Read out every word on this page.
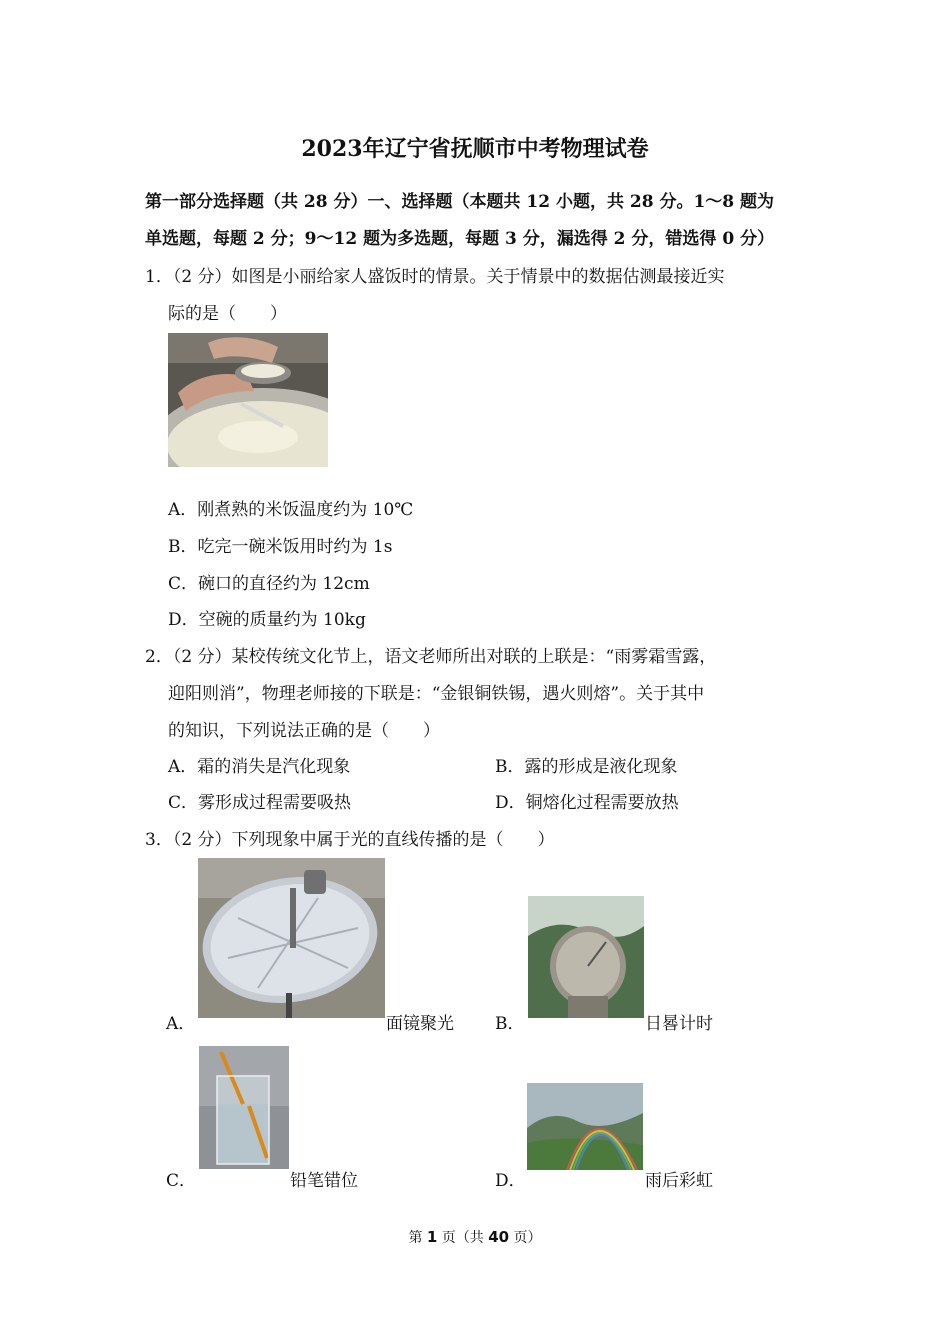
2023年辽宁省抚顺市中考物理试卷
第一部分选择题（共 28 分）一、选择题（本题共 12 小题，共 28 分。1～8 题为
单选题，每题 2 分；9～12 题为多选题，每题 3 分，漏选得 2 分，错选得 0 分）
1．（2 分）如图是小丽给家人盛饭时的情景。关于情景中的数据估测最接近实
际的是（　　）
A．刚煮熟的米饭温度约为 10℃
B．吃完一碗米饭用时约为 1s
C．碗口的直径约为 12cm
D．空碗的质量约为 10kg
2．（2 分）某校传统文化节上，语文老师所出对联的上联是：“雨雾霜雪露，
迎阳则消”，物理老师接的下联是：“金银铜铁锡，遇火则熔”。关于其中
的知识，下列说法正确的是（　　）
A．霜的消失是汽化现象	B．露的形成是液化现象
C．雾形成过程需要吸热	D．铜熔化过程需要放热
3．（2 分）下列现象中属于光的直线传播的是（　　）
A．	面镜聚光 B．	日晷计时
C．	铅笔错位	D．	雨后彩虹
第 1 页（共 40 页）
